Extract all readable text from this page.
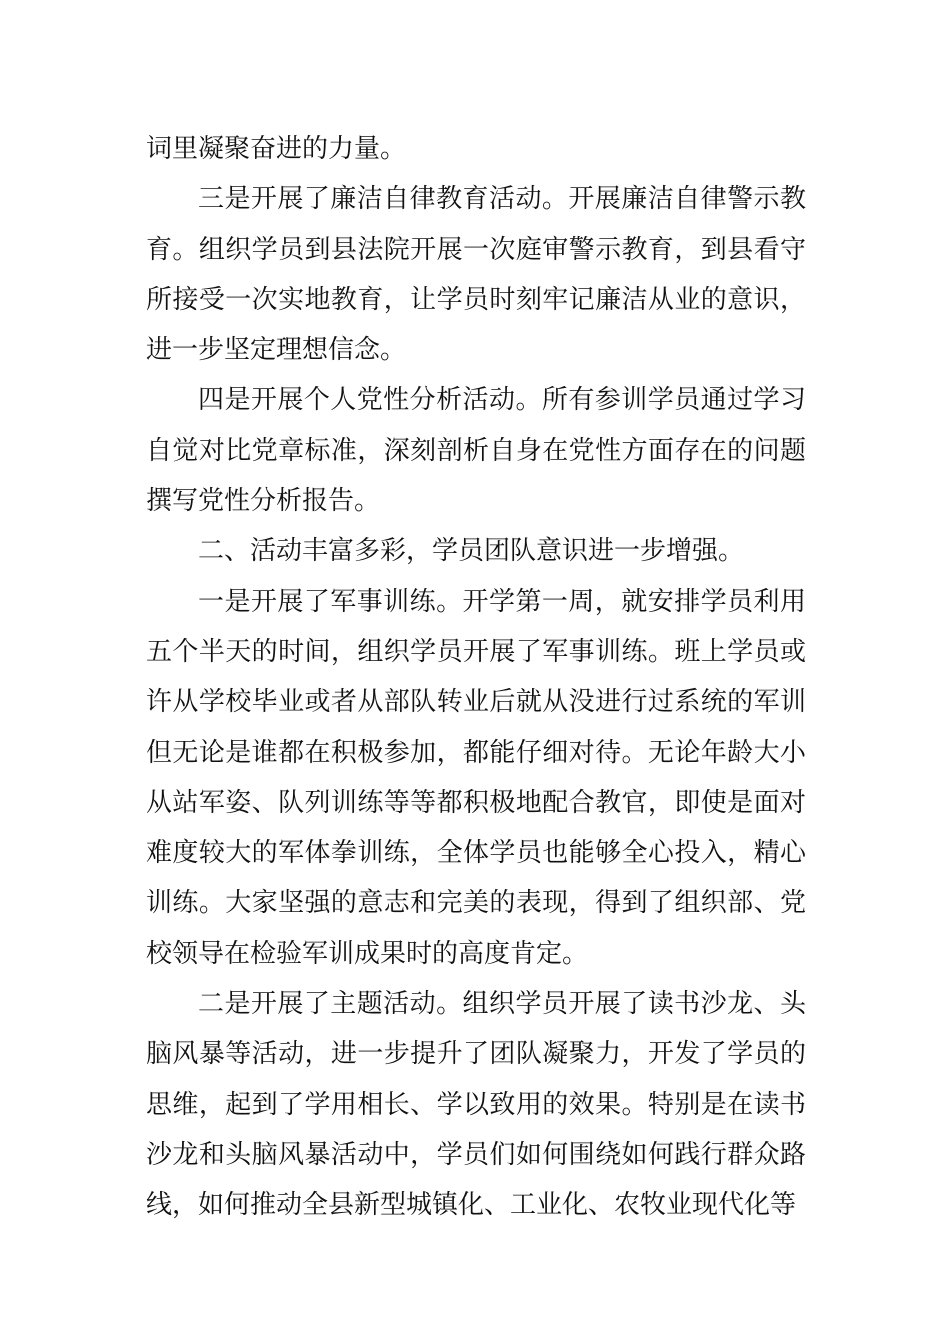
词里凝聚奋进的力量。

三是开展了廉洁自律教育活动。开展廉洁自律警示教育。组织学员到县法院开展一次庭审警示教育，到县看守所接受一次实地教育，让学员时刻牢记廉洁从业的意识，进一步坚定理想信念。

四是开展个人党性分析活动。所有参训学员通过学习自觉对比党章标准，深刻剖析自身在党性方面存在的问题撰写党性分析报告。

二、活动丰富多彩，学员团队意识进一步增强。

一是开展了军事训练。开学第一周，就安排学员利用五个半天的时间，组织学员开展了军事训练。班上学员或许从学校毕业或者从部队转业后就从没进行过系统的军训但无论是谁都在积极参加，都能仔细对待。无论年龄大小从站军姿、队列训练等等都积极地配合教官，即使是面对难度较大的军体拳训练，全体学员也能够全心投入，精心训练。大家坚强的意志和完美的表现，得到了组织部、党校领导在检验军训成果时的高度肯定。

二是开展了主题活动。组织学员开展了读书沙龙、头脑风暴等活动，进一步提升了团队凝聚力，开发了学员的思维，起到了学用相长、学以致用的效果。特别是在读书沙龙和头脑风暴活动中，学员们如何围绕如何践行群众路线，如何推动全县新型城镇化、工业化、农牧业现代化等
